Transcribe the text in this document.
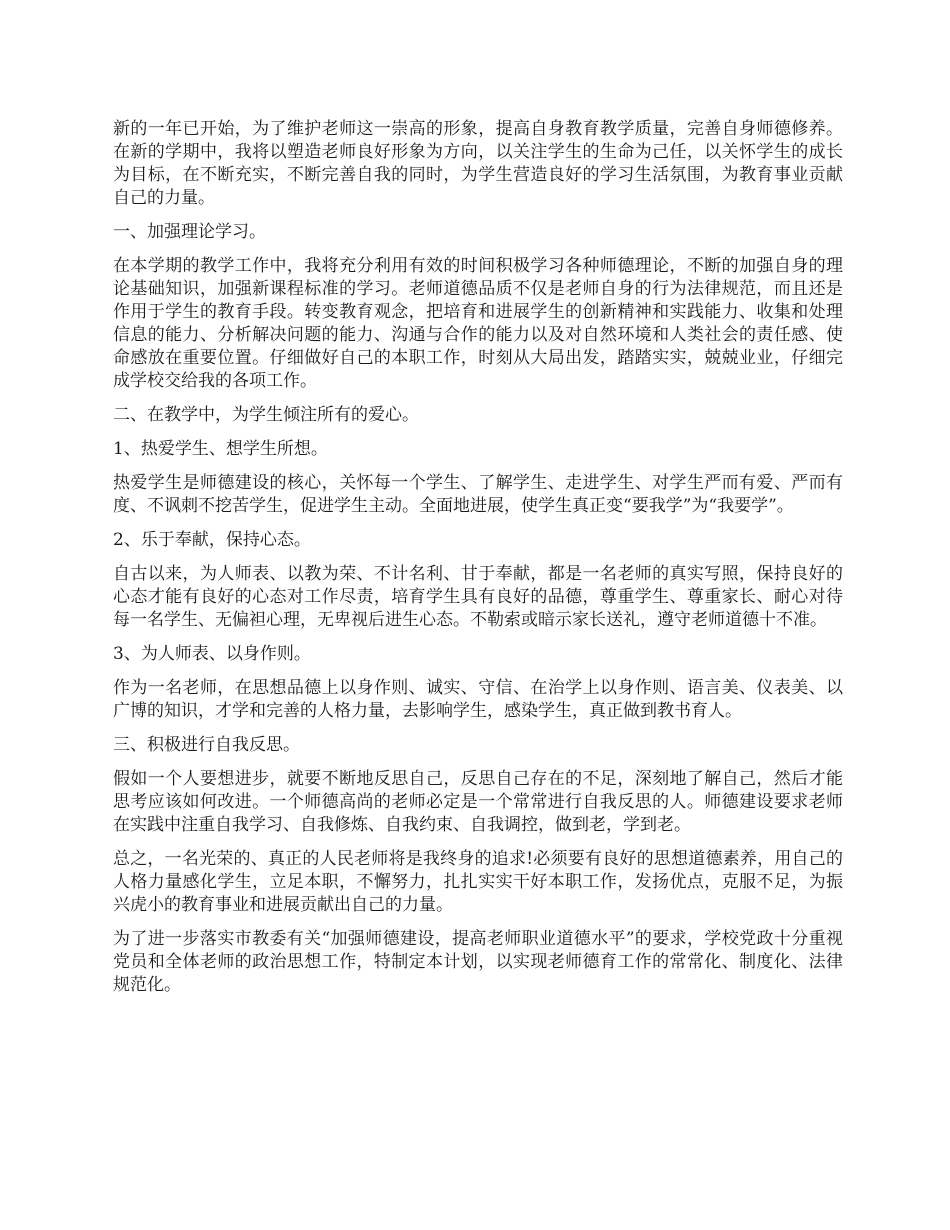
新的一年已开始，为了维护老师这一崇高的形象，提高自身教育教学质量，完善自身师德修养。在新的学期中，我将以塑造老师良好形象为方向，以关注学生的生命为己任，以关怀学生的成长为目标，在不断充实，不断完善自我的同时，为学生营造良好的学习生活氛围，为教育事业贡献自己的力量。

一、加强理论学习。

在本学期的教学工作中，我将充分利用有效的时间积极学习各种师德理论，不断的加强自身的理论基础知识，加强新课程标准的学习。老师道德品质不仅是老师自身的行为法律规范，而且还是作用于学生的教育手段。转变教育观念，把培育和进展学生的创新精神和实践能力、收集和处理信息的能力、分析解决问题的能力、沟通与合作的能力以及对自然环境和人类社会的责任感、使命感放在重要位置。仔细做好自己的本职工作，时刻从大局出发，踏踏实实，兢兢业业，仔细完成学校交给我的各项工作。

二、在教学中，为学生倾注所有的爱心。

1、热爱学生、想学生所想。

热爱学生是师德建设的核心，关怀每一个学生、了解学生、走进学生、对学生严而有爱、严而有度、不讽刺不挖苦学生，促进学生主动。全面地进展，使学生真正变“要我学”为“我要学”。

2、乐于奉献，保持心态。

自古以来，为人师表、以教为荣、不计名利、甘于奉献，都是一名老师的真实写照，保持良好的心态才能有良好的心态对工作尽责，培育学生具有良好的品德，尊重学生、尊重家长、耐心对待每一名学生、无偏袒心理，无卑视后进生心态。不勒索或暗示家长送礼，遵守老师道德十不准。

3、为人师表、以身作则。

作为一名老师，在思想品德上以身作则、诚实、守信、在治学上以身作则、语言美、仪表美、以广博的知识，才学和完善的人格力量，去影响学生，感染学生，真正做到教书育人。

三、积极进行自我反思。

假如一个人要想进步，就要不断地反思自己，反思自己存在的不足，深刻地了解自己，然后才能思考应该如何改进。一个师德高尚的老师必定是一个常常进行自我反思的人。师德建设要求老师在实践中注重自我学习、自我修炼、自我约束、自我调控，做到老，学到老。

总之，一名光荣的、真正的人民老师将是我终身的追求!必须要有良好的思想道德素养，用自己的人格力量感化学生，立足本职，不懈努力，扎扎实实干好本职工作，发扬优点，克服不足，为振兴虎小的教育事业和进展贡献出自己的力量。

为了进一步落实市教委有关“加强师德建设，提高老师职业道德水平”的要求，学校党政十分重视党员和全体老师的政治思想工作，特制定本计划，以实现老师德育工作的常常化、制度化、法律规范化。
